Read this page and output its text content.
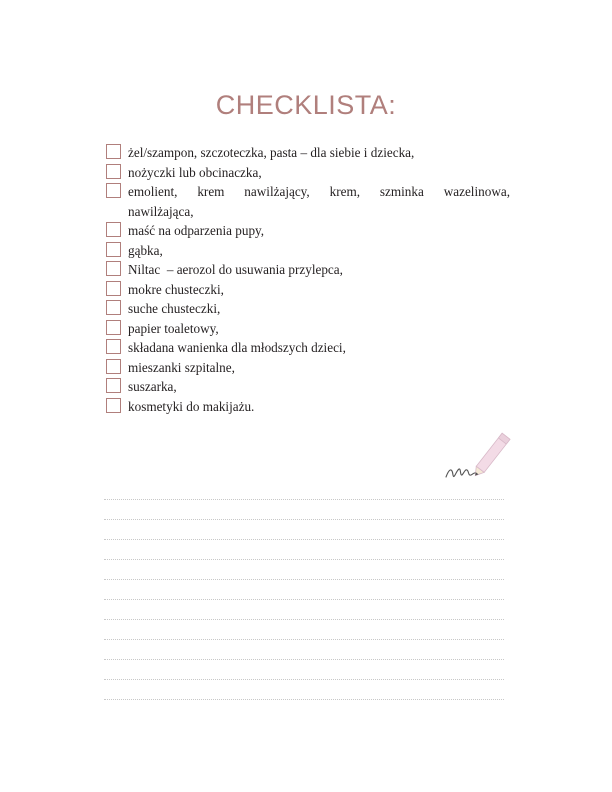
CHECKLISTA:
żel/szampon, szczoteczka, pasta – dla siebie i dziecka,
nożyczki lub obcinaczka,
emolient, krem nawilżający, krem, szminka wazelinowa, nawilżająca,
maść na odparzenia pupy,
gąbka,
Niltac  – aerozol do usuwania przylepca,
mokre chusteczki,
suche chusteczki,
papier toaletowy,
składana wanienka dla młodszych dzieci,
mieszanki szpitalne,
suszarka,
kosmetyki do makijażu.
